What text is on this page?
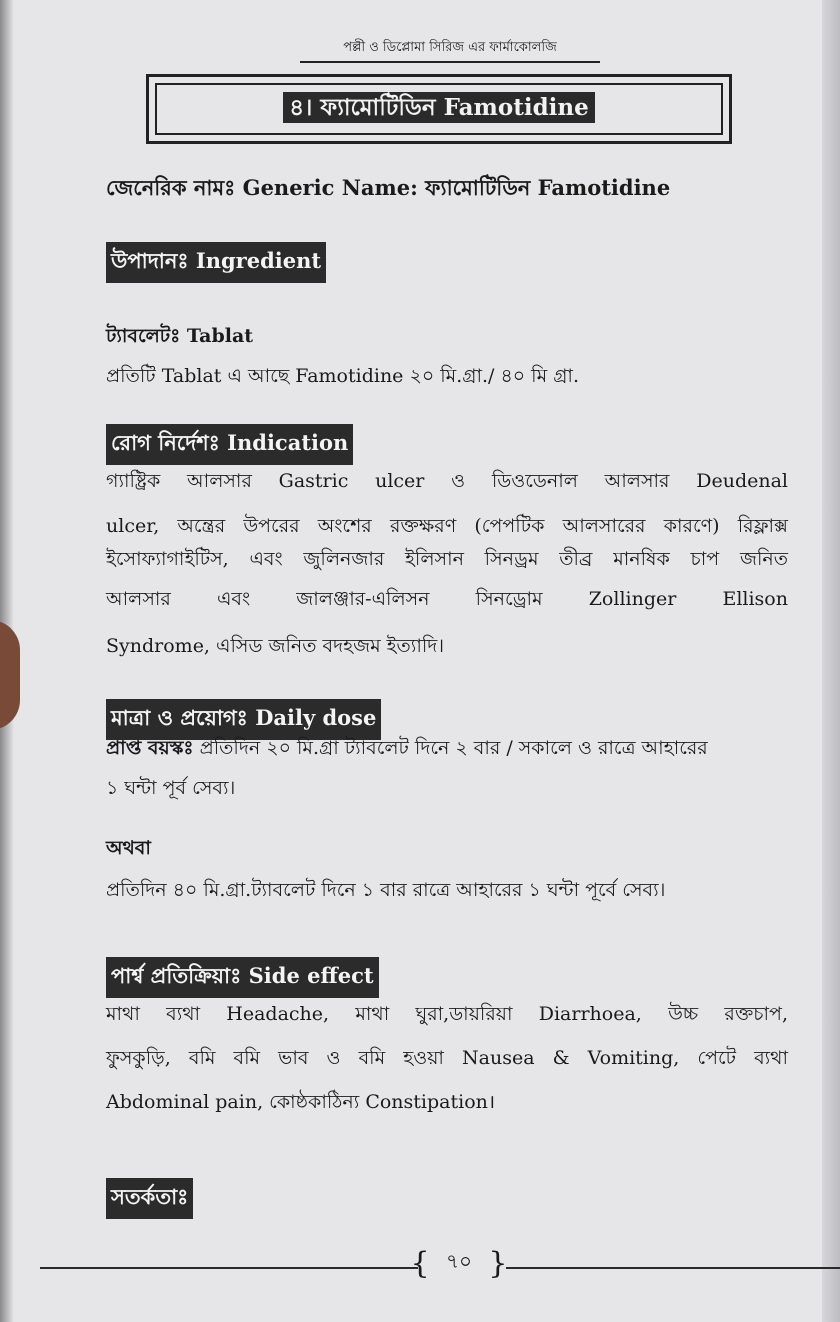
পল্লী ও ডিপ্লোমা সিরিজ এর ফার্মাকোলজি
৪। ফ্যামোটিডিন Famotidine
জেনেরিক নামঃ Generic Name: ফ্যামোটিডিন Famotidine
উপাদানঃ Ingredient
ট্যাবলেটঃ Tablat
প্রতিটি Tablat এ আছে Famotidine ২০ মি.গ্রা./ ৪০ মি গ্রা.
রোগ নির্দেশঃ Indication
গ্যাষ্ট্রিক আলসার Gastric ulcer ও ডিওডেনাল আলসার Deudenal
ulcer, অন্ত্রের উপরের অংশের রক্তক্ষরণ (পেপটিক আলসারের কারণে) রিফ্লাক্স
ইসোফ্যাগাইটিস, এবং জুলিনজার ইলিসান সিনড্রম তীব্র মানষিক চাপ জনিত
আলসার এবং জালঞ্জার-এলিসন সিনড্রোম Zollinger Ellison
Syndrome, এসিড জনিত বদহজম ইত্যাদি।
মাত্রা ও প্রয়োগঃ Daily dose
প্রাপ্ত বয়স্কঃ প্রতিদিন ২০ মি.গ্রা ট্যাবলেট দিনে ২ বার / সকালে ও রাত্রে আহারের
১ ঘন্টা পূর্ব সেব্য।
অথবা
প্রতিদিন ৪০ মি.গ্রা.ট্যাবলেট দিনে ১ বার রাত্রে আহারের ১ ঘন্টা পূর্বে সেব্য।
পার্শ্ব প্রতিক্রিয়াঃ Side effect
মাথা ব্যথা Headache, মাথা ঘুরা,ডায়রিয়া Diarrhoea, উচ্চ রক্তচাপ,
ফুসকুড়ি, বমি বমি ভাব ও বমি হওয়া Nausea & Vomiting, পেটে ব্যথা
Abdominal pain, কোষ্ঠকাঠিন্য Constipation।
সতর্কতাঃ
{ ৭০ }
